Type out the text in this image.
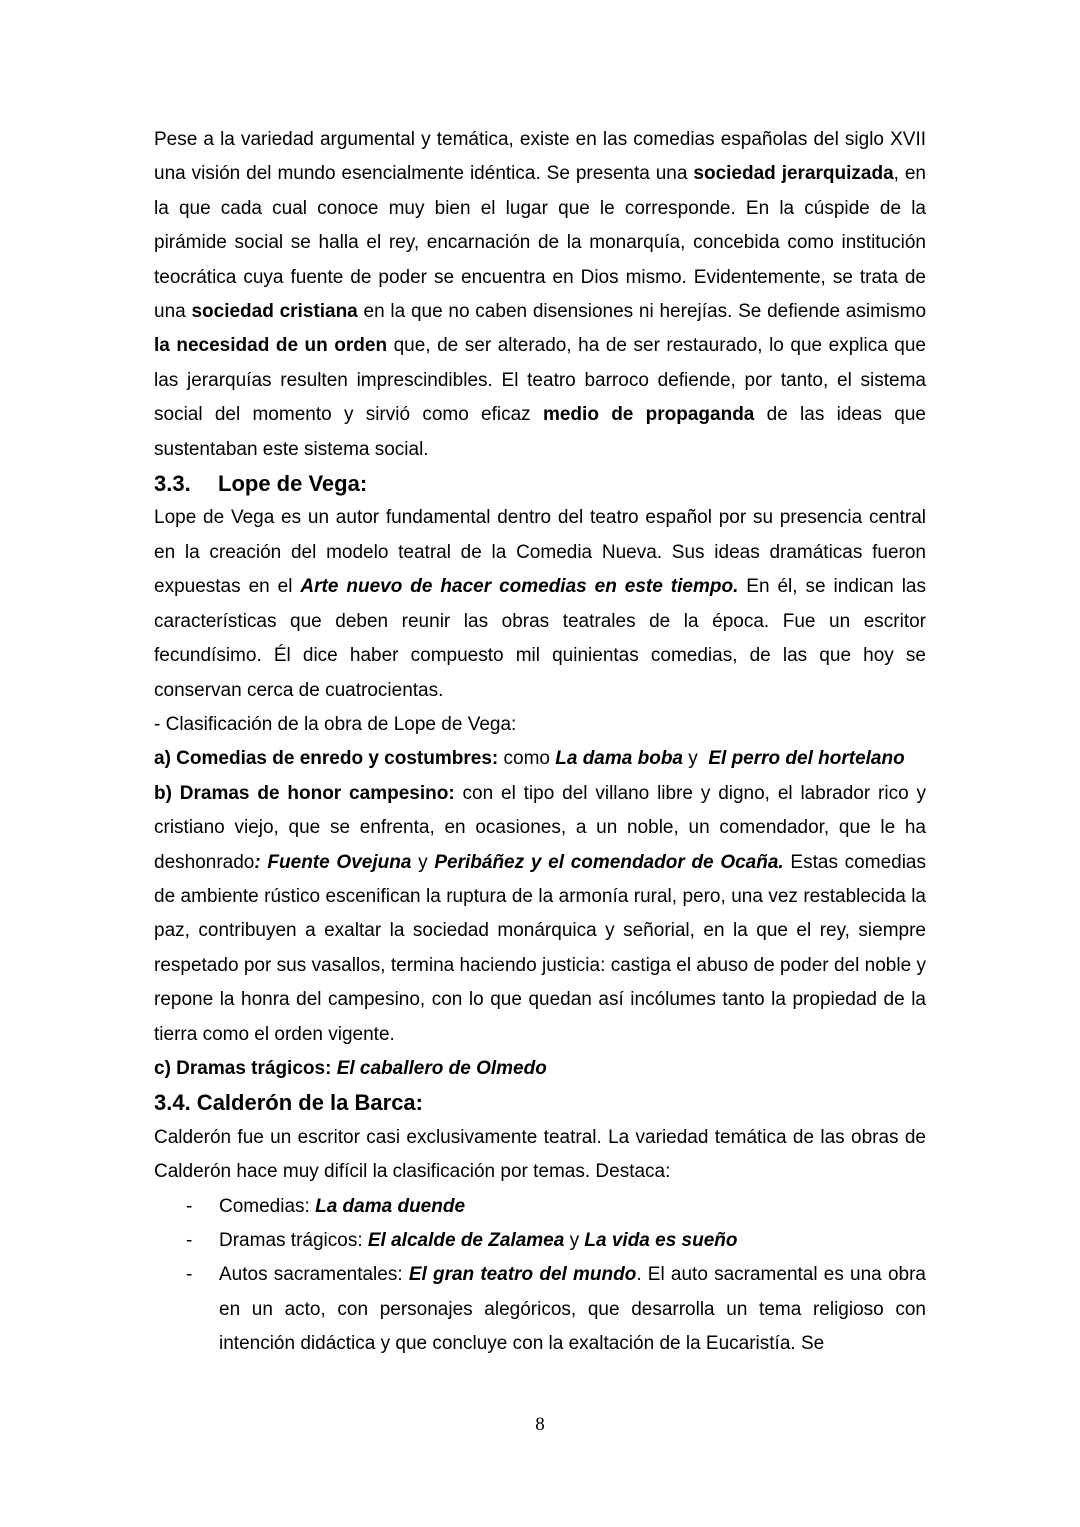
Pese a la variedad argumental y temática, existe en las comedias españolas del siglo XVII una visión del mundo esencialmente idéntica. Se presenta una sociedad jerarquizada, en la que cada cual conoce muy bien el lugar que le corresponde. En la cúspide de la pirámide social se halla el rey, encarnación de la monarquía, concebida como institución teocrática cuya fuente de poder se encuentra en Dios mismo. Evidentemente, se trata de una sociedad cristiana en la que no caben disensiones ni herejías. Se defiende asimismo la necesidad de un orden que, de ser alterado, ha de ser restaurado, lo que explica que las jerarquías resulten imprescindibles. El teatro barroco defiende, por tanto, el sistema social del momento y sirvió como eficaz medio de propaganda de las ideas que sustentaban este sistema social.

3.3. Lope de Vega:

Lope de Vega es un autor fundamental dentro del teatro español por su presencia central en la creación del modelo teatral de la Comedia Nueva. Sus ideas dramáticas fueron expuestas en el Arte nuevo de hacer comedias en este tiempo. En él, se indican las características que deben reunir las obras teatrales de la época. Fue un escritor fecundísimo. Él dice haber compuesto mil quinientas comedias, de las que hoy se conservan cerca de cuatrocientas.

- Clasificación de la obra de Lope de Vega:

a) Comedias de enredo y costumbres: como La dama boba y  El perro del hortelano

b) Dramas de honor campesino: con el tipo del villano libre y digno, el labrador rico y cristiano viejo, que se enfrenta, en ocasiones, a un noble, un comendador, que le ha deshonrado: Fuente Ovejuna y Peribáñez y el comendador de Ocaña. Estas comedias de ambiente rústico escenifican la ruptura de la armonía rural, pero, una vez restablecida la paz, contribuyen a exaltar la sociedad monárquica y señorial, en la que el rey, siempre respetado por sus vasallos, termina haciendo justicia: castiga el abuso de poder del noble y repone la honra del campesino, con lo que quedan así incólumes tanto la propiedad de la tierra como el orden vigente.

c) Dramas trágicos: El caballero de Olmedo

3.4. Calderón de la Barca:

Calderón fue un escritor casi exclusivamente teatral. La variedad temática de las obras de Calderón hace muy difícil la clasificación por temas. Destaca:

- Comedias: La dama duende
- Dramas trágicos: El alcalde de Zalamea y La vida es sueño
- Autos sacramentales: El gran teatro del mundo. El auto sacramental es una obra en un acto, con personajes alegóricos, que desarrolla un tema religioso con intención didáctica y que concluye con la exaltación de la Eucaristía. Se
8
